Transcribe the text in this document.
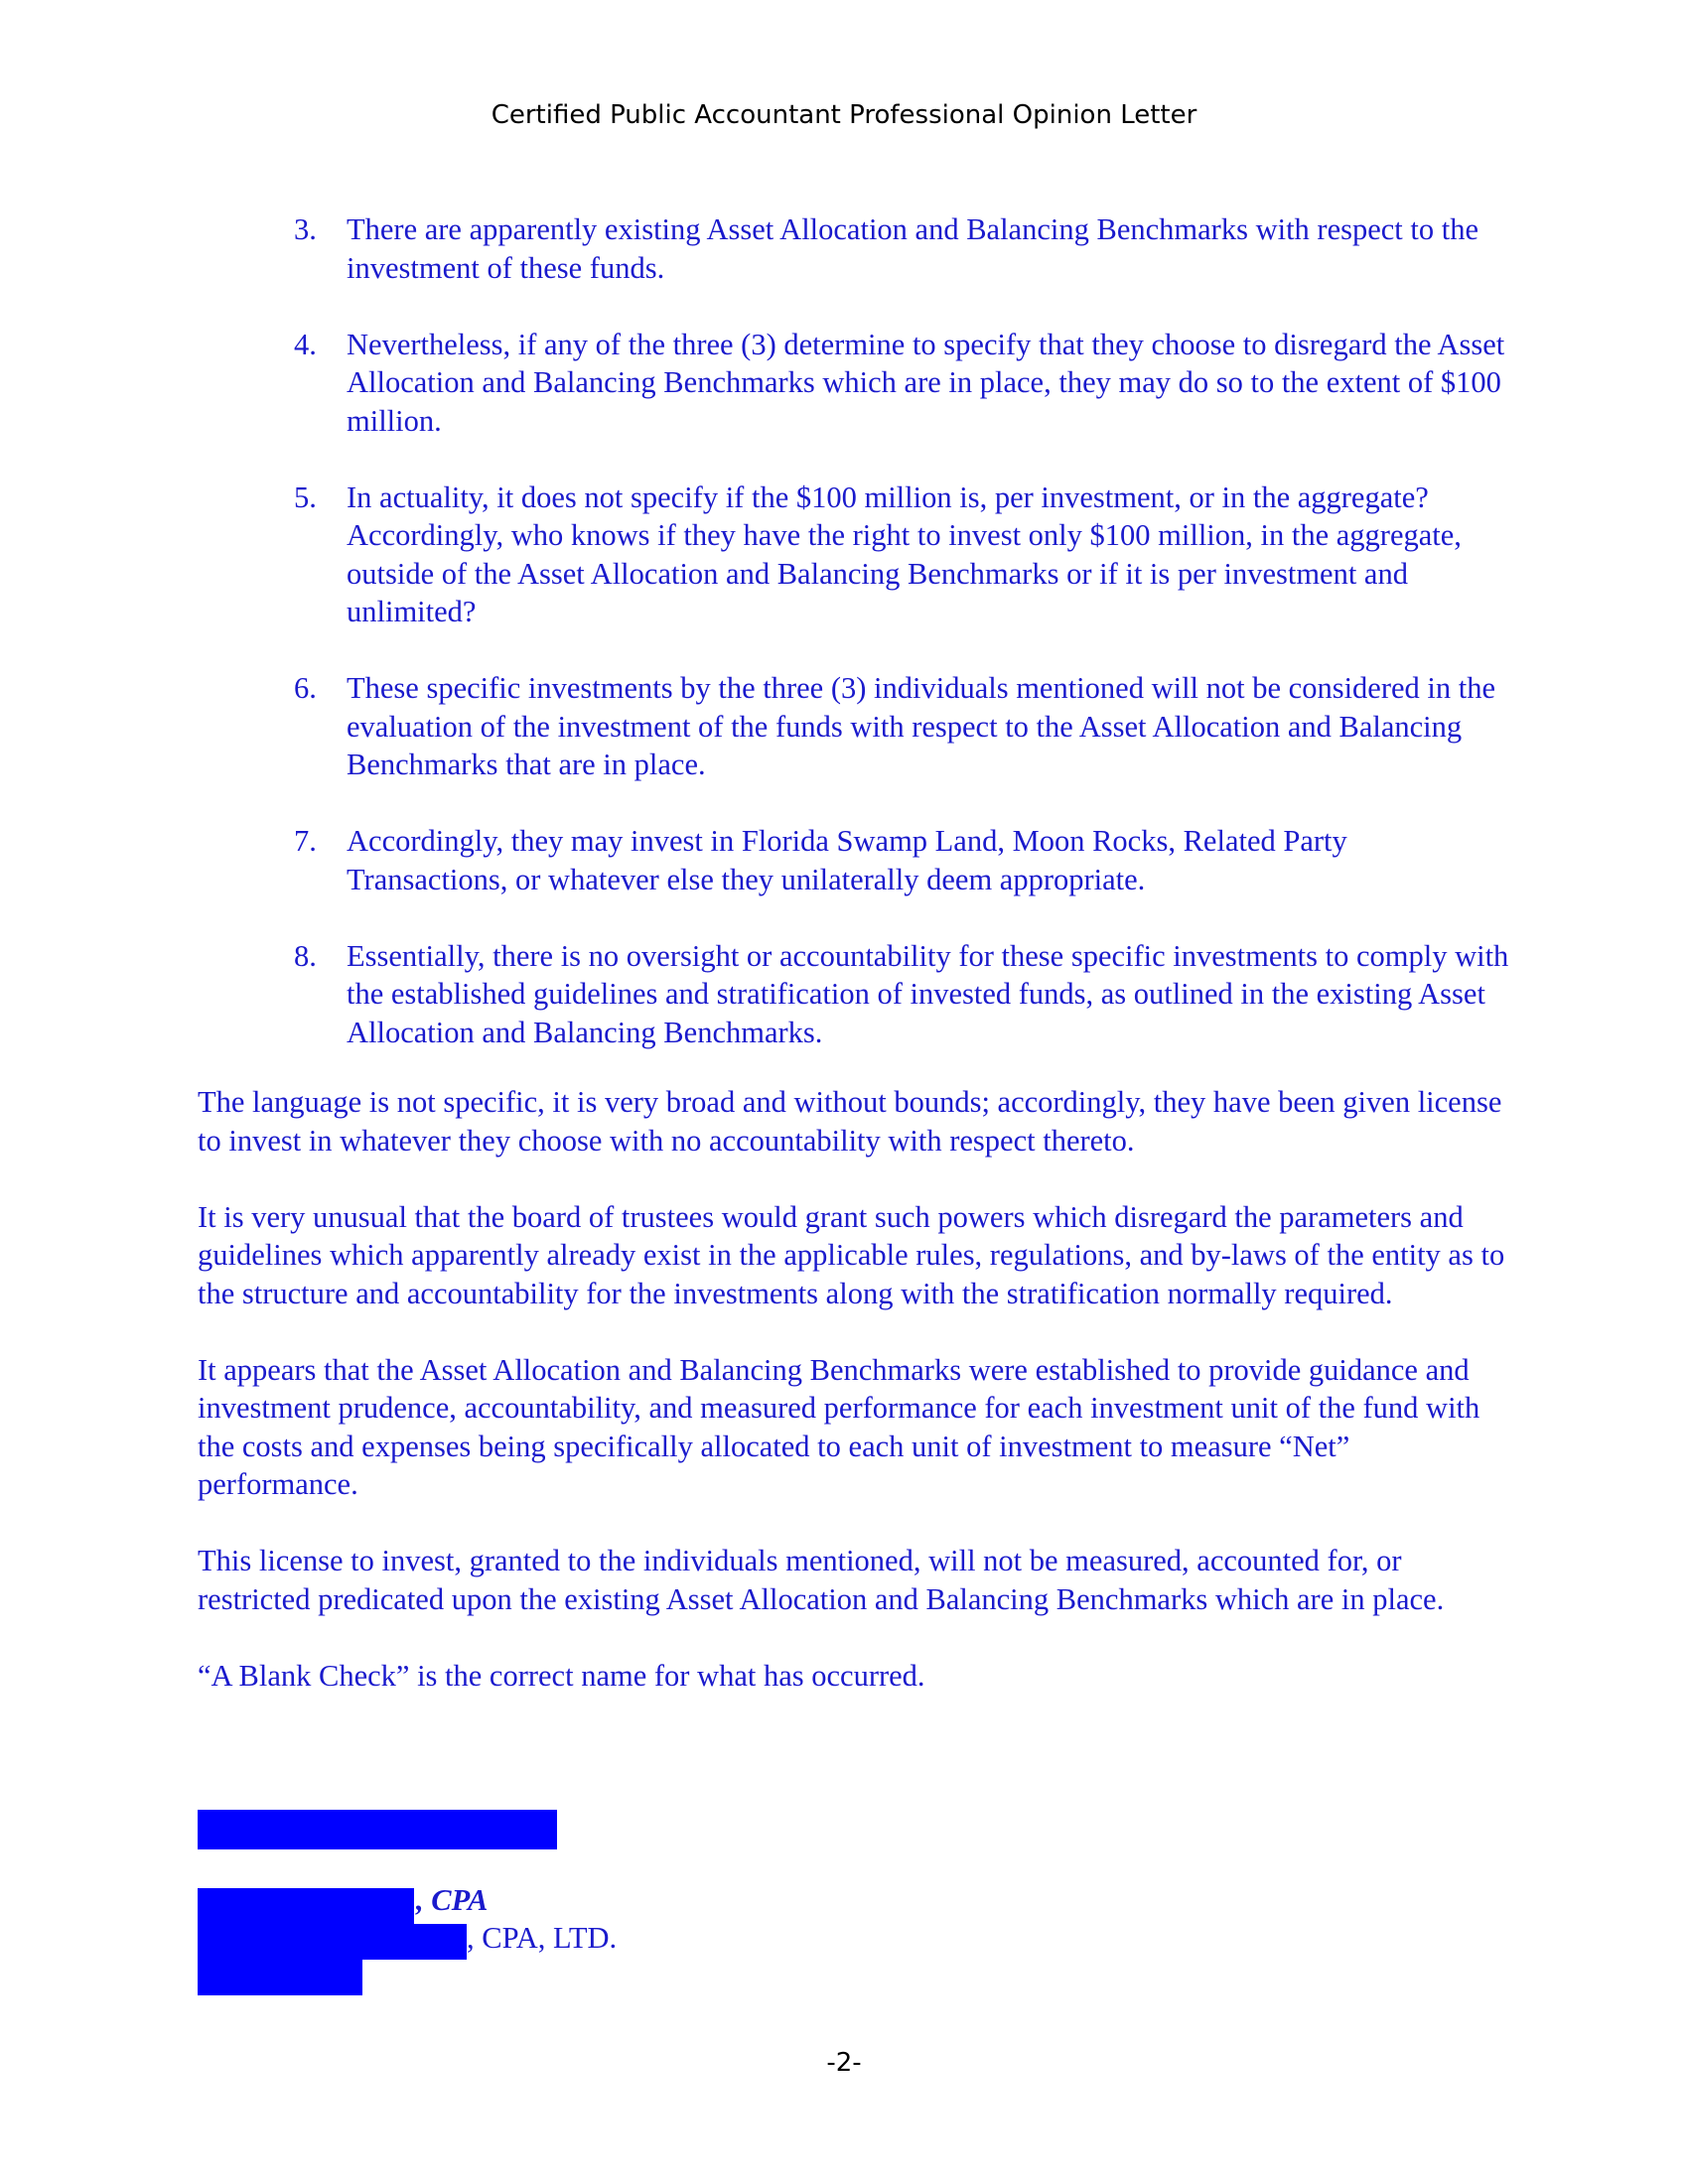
Certified Public Accountant Professional Opinion Letter
3. There are apparently existing Asset Allocation and Balancing Benchmarks with respect to the investment of these funds.
4. Nevertheless, if any of the three (3) determine to specify that they choose to disregard the Asset Allocation and Balancing Benchmarks which are in place, they may do so to the extent of $100 million.
5. In actuality, it does not specify if the $100 million is, per investment, or in the aggregate? Accordingly, who knows if they have the right to invest only $100 million, in the aggregate, outside of the Asset Allocation and Balancing Benchmarks or if it is per investment and unlimited?
6. These specific investments by the three (3) individuals mentioned will not be considered in the evaluation of the investment of the funds with respect to the Asset Allocation and Balancing Benchmarks that are in place.
7. Accordingly, they may invest in Florida Swamp Land, Moon Rocks, Related Party Transactions, or whatever else they unilaterally deem appropriate.
8. Essentially, there is no oversight or accountability for these specific investments to comply with the established guidelines and stratification of invested funds, as outlined in the existing Asset Allocation and Balancing Benchmarks.

The language is not specific, it is very broad and without bounds; accordingly, they have been given license to invest in whatever they choose with no accountability with respect thereto.

It is very unusual that the board of trustees would grant such powers which disregard the parameters and guidelines which apparently already exist in the applicable rules, regulations, and by-laws of the entity as to the structure and accountability for the investments along with the stratification normally required.

It appears that the Asset Allocation and Balancing Benchmarks were established to provide guidance and investment prudence, accountability, and measured performance for each investment unit of the fund with the costs and expenses being specifically allocated to each unit of investment to measure “Net” performance.

This license to invest, granted to the individuals mentioned, will not be measured, accounted for, or restricted predicated upon the existing Asset Allocation and Balancing Benchmarks which are in place.

“A Blank Check” is the correct name for what has occurred.

, CPA
, CPA, LTD.
-2-
